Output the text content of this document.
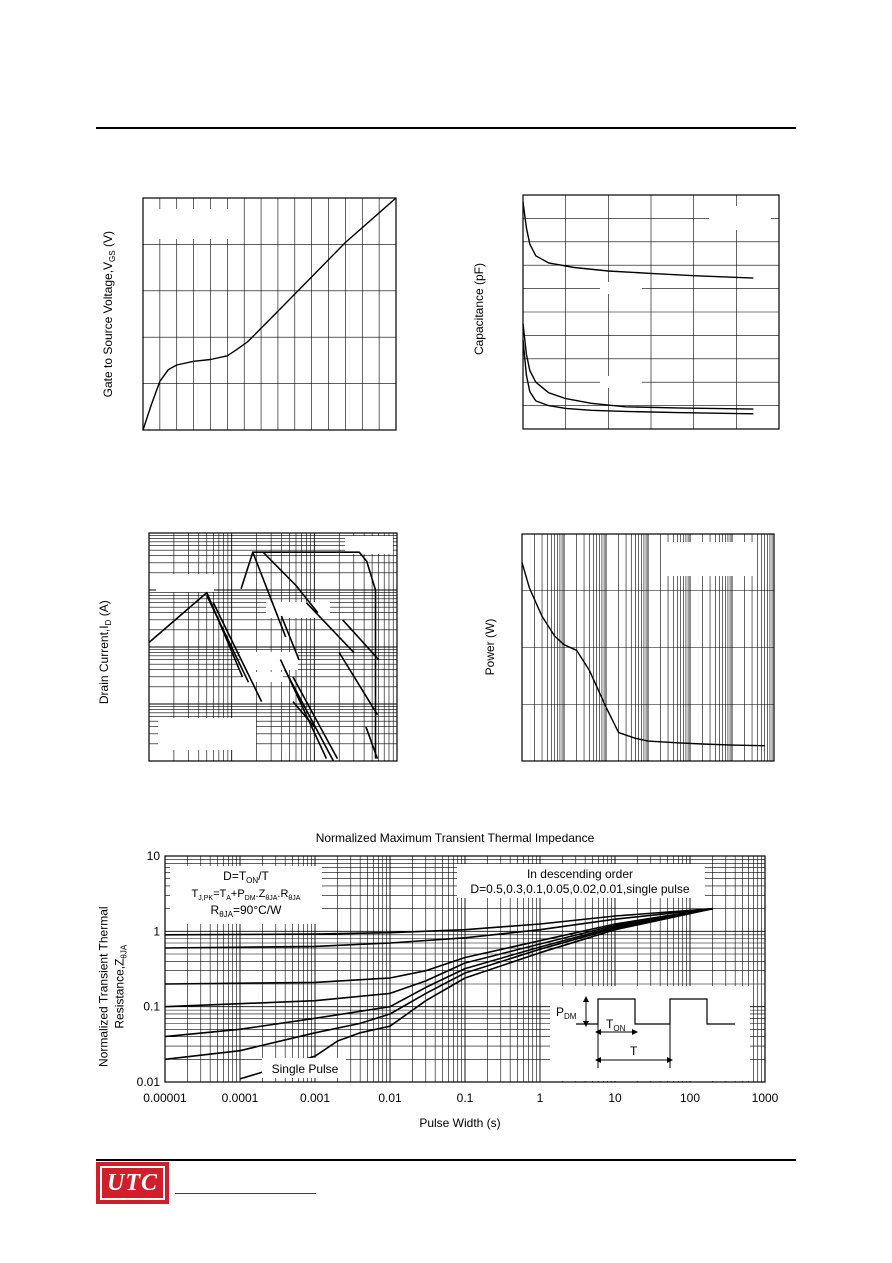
Gate to Source $Voltage,V_{GS}$ (V)
Capacitance (pF)
Drain $Current,I_D$ (A)
Power (W)
Normalized Maximum Transient Thermal Impedance
Normalized Transient Thermal $Resistance,Z_{\theta JA}$
$D=T_{ON}/T$
$T_{J,PK}=T_A+P_{DM}.Z_{\theta JA}.R_{\theta JA}$
$R_{\theta JA}=90^\circ C/W$
In descending order
D=0.5,0.3,0.1,0.05,0.02,0.01,single pulse
Single Pulse
$P_{DM}$
$T_{ON}$
T
0.00001	0.0001	0.001	0.01	0.1	1	10	100	1000
0.01
0.1
1
10
Pulse Width (s)
UTC
